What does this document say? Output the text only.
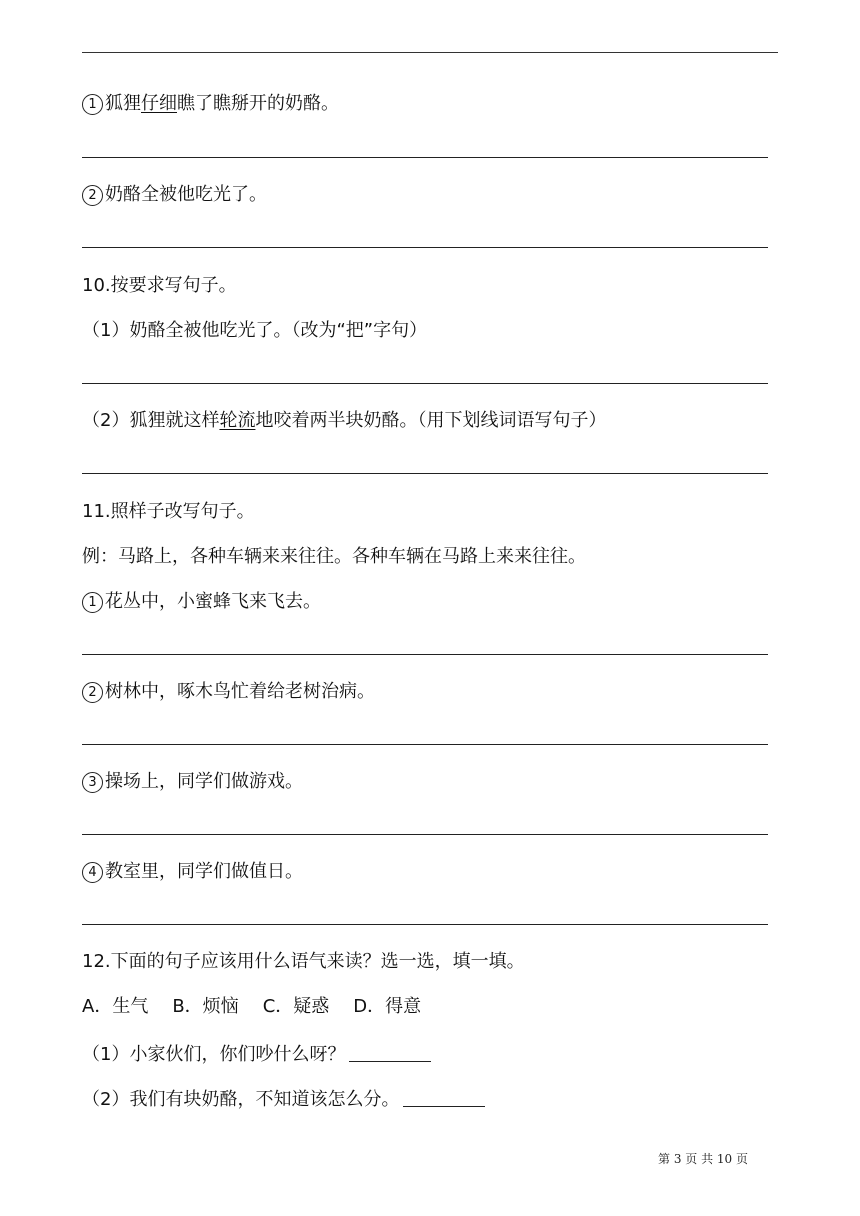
1 狐狸仔细瞧了瞧掰开的奶酪。
2 奶酪全被他吃光了。
10.按要求写句子。
（1）奶酪全被他吃光了。（改为“把”字句）
（2）狐狸就这样轮流地咬着两半块奶酪。（用下划线词语写句子）
11.照样子改写句子。
例：马路上，各种车辆来来往往。各种车辆在马路上来来往往。
1 花丛中，小蜜蜂飞来飞去。
2 树林中，啄木鸟忙着给老树治病。
3 操场上，同学们做游戏。
4 教室里，同学们做值日。
12.下面的句子应该用什么语气来读？选一选，填一填。
A．生气 B．烦恼 C．疑惑 D．得意
（1）小家伙们，你们吵什么呀？
（2）我们有块奶酪，不知道该怎么分。
第 3 页 共 10 页
